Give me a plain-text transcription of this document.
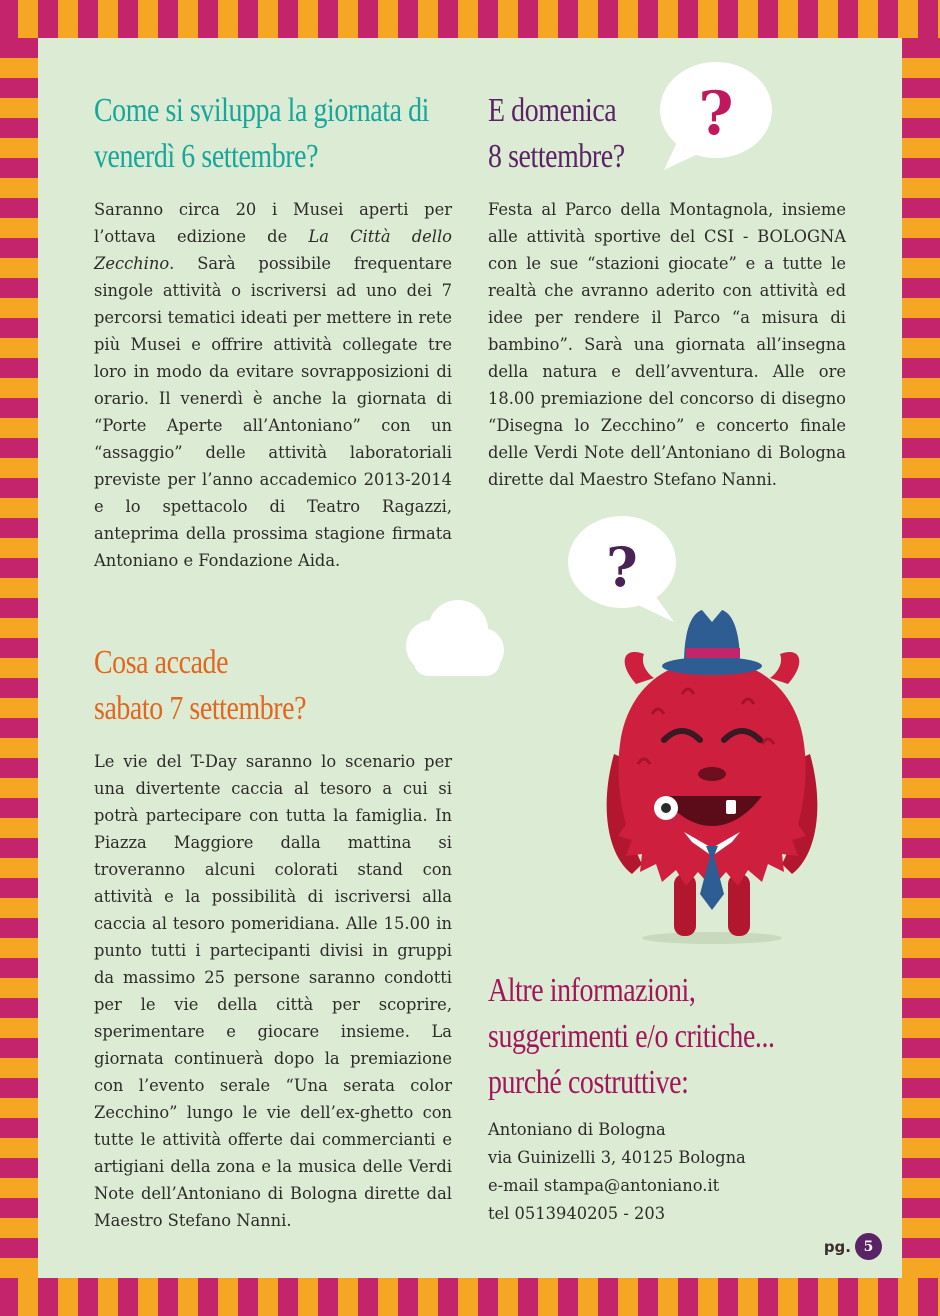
Come si sviluppa la giornata di
venerdì 6 settembre?

Saranno circa 20 i Musei aperti per l’ottava edizione de La Città dello Zecchino. Sarà possibile frequentare singole attività o iscriversi ad uno dei 7 percorsi tematici ideati per mettere in rete più Musei e offrire attività collegate tre loro in modo da evitare sovrapposizioni di orario. Il venerdì è anche la giornata di “Porte Aperte all’Antoniano” con un “assaggio” delle attività laboratoriali previste per l’anno accademico 2013-2014 e lo spettacolo di Teatro Ragazzi, anteprima della prossima stagione firmata Antoniano e Fondazione Aida.

E domenica
8 settembre?
?

Festa al Parco della Montagnola, insieme alle attività sportive del CSI - BOLOGNA con le sue “stazioni giocate” e a tutte le realtà che avranno aderito con attività ed idee per rendere il Parco “a misura di bambino”. Sarà una giornata all’insegna della natura e dell’avventura. Alle ore 18.00 premiazione del concorso di disegno “Disegna lo Zecchino” e concerto finale delle Verdi Note dell’Antoniano di Bologna dirette dal Maestro Stefano Nanni.

Cosa accade
sabato 7 settembre?

Le vie del T-Day saranno lo scenario per una divertente caccia al tesoro a cui si potrà partecipare con tutta la famiglia. In Piazza Maggiore dalla mattina si troveranno alcuni colorati stand con attività e la possibilità di iscriversi alla caccia al tesoro pomeridiana. Alle 15.00 in punto tutti i partecipanti divisi in gruppi da massimo 25 persone saranno condotti per le vie della città per scoprire, sperimentare e giocare insieme. La giornata continuerà dopo la premiazione con l’evento serale “Una serata color Zecchino” lungo le vie dell’ex-ghetto con tutte le attività offerte dai commercianti e artigiani della zona e la musica delle Verdi Note dell’Antoniano di Bologna dirette dal Maestro Stefano Nanni.

?
Altre informazioni,
suggerimenti e/o critiche...
purché costruttive:
Antoniano di Bologna
via Guinizelli 3, 40125 Bologna
e-mail stampa@antoniano.it
tel 0513940205 - 203
pg. 5
